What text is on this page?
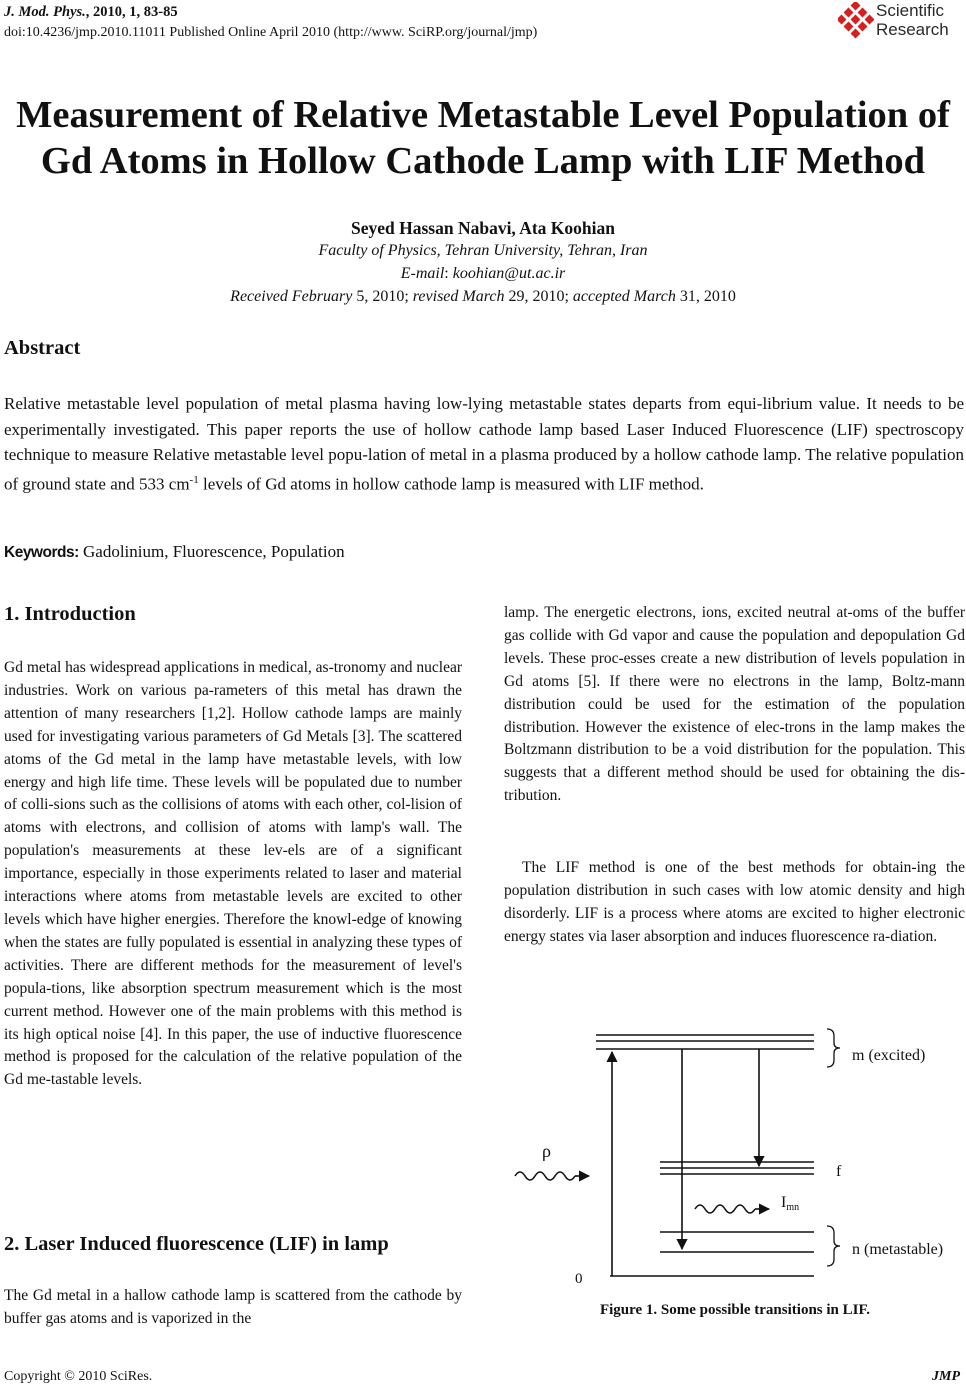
J. Mod. Phys., 2010, 1, 83-85
doi:10.4236/jmp.2010.11011 Published Online April 2010 (http://www. SciRP.org/journal/jmp)
Scientific
Research
Measurement of Relative Metastable Level Population of
Gd Atoms in Hollow Cathode Lamp with LIF Method
Seyed Hassan Nabavi, Ata Koohian
Faculty of Physics, Tehran University, Tehran, Iran
E-mail: koohian@ut.ac.ir
Received February 5, 2010; revised March 29, 2010; accepted March 31, 2010
Abstract
Relative metastable level population of metal plasma having low-lying metastable states departs from equi-librium value. It needs to be experimentally investigated. This paper reports the use of hollow cathode lamp based Laser Induced Fluorescence (LIF) spectroscopy technique to measure Relative metastable level popu-lation of metal in a plasma produced by a hollow cathode lamp. The relative population of ground state and 533 $cm^{-1}$ levels of Gd atoms in hollow cathode lamp is measured with LIF method.
Keywords: Gadolinium, Fluorescence, Population
1. Introduction
Gd metal has widespread applications in medical, as-tronomy and nuclear industries. Work on various pa-rameters of this metal has drawn the attention of many researchers [1,2]. Hollow cathode lamps are mainly used for investigating various parameters of Gd Metals [3]. The scattered atoms of the Gd metal in the lamp have metastable levels, with low energy and high life time. These levels will be populated due to number of colli-sions such as the collisions of atoms with each other, col-lision of atoms with electrons, and collision of atoms with lamp's wall. The population's measurements at these lev-els are of a significant importance, especially in those experiments related to laser and material interactions where atoms from metastable levels are excited to other levels which have higher energies. Therefore the knowl-edge of knowing when the states are fully populated is essential in analyzing these types of activities. There are different methods for the measurement of level's popula-tions, like absorption spectrum measurement which is the most current method. However one of the main problems with this method is its high optical noise [4]. In this paper, the use of inductive fluorescence method is proposed for the calculation of the relative population of the Gd me-tastable levels.
2. Laser Induced fluorescence (LIF) in lamp
The Gd metal in a hallow cathode lamp is scattered from the cathode by buffer gas atoms and is vaporized in the
lamp. The energetic electrons, ions, excited neutral at-oms of the buffer gas collide with Gd vapor and cause the population and depopulation Gd levels. These proc-esses create a new distribution of levels population in Gd atoms [5]. If there were no electrons in the lamp, Boltz-mann distribution could be used for the estimation of the population distribution. However the existence of elec-trons in the lamp makes the Boltzmann distribution to be a void distribution for the population. This suggests that a different method should be used for obtaining the dis-tribution.
The LIF method is one of the best methods for obtain-ing the population distribution in such cases with low atomic density and high disorderly. LIF is a process where atoms are excited to higher electronic energy states via laser absorption and induces fluorescence ra-diation.
m (excited)
f
n (metastable)
0
ρ
Imn
Figure 1. Some possible transitions in LIF.
Copyright © 2010 SciRes.	JMP
